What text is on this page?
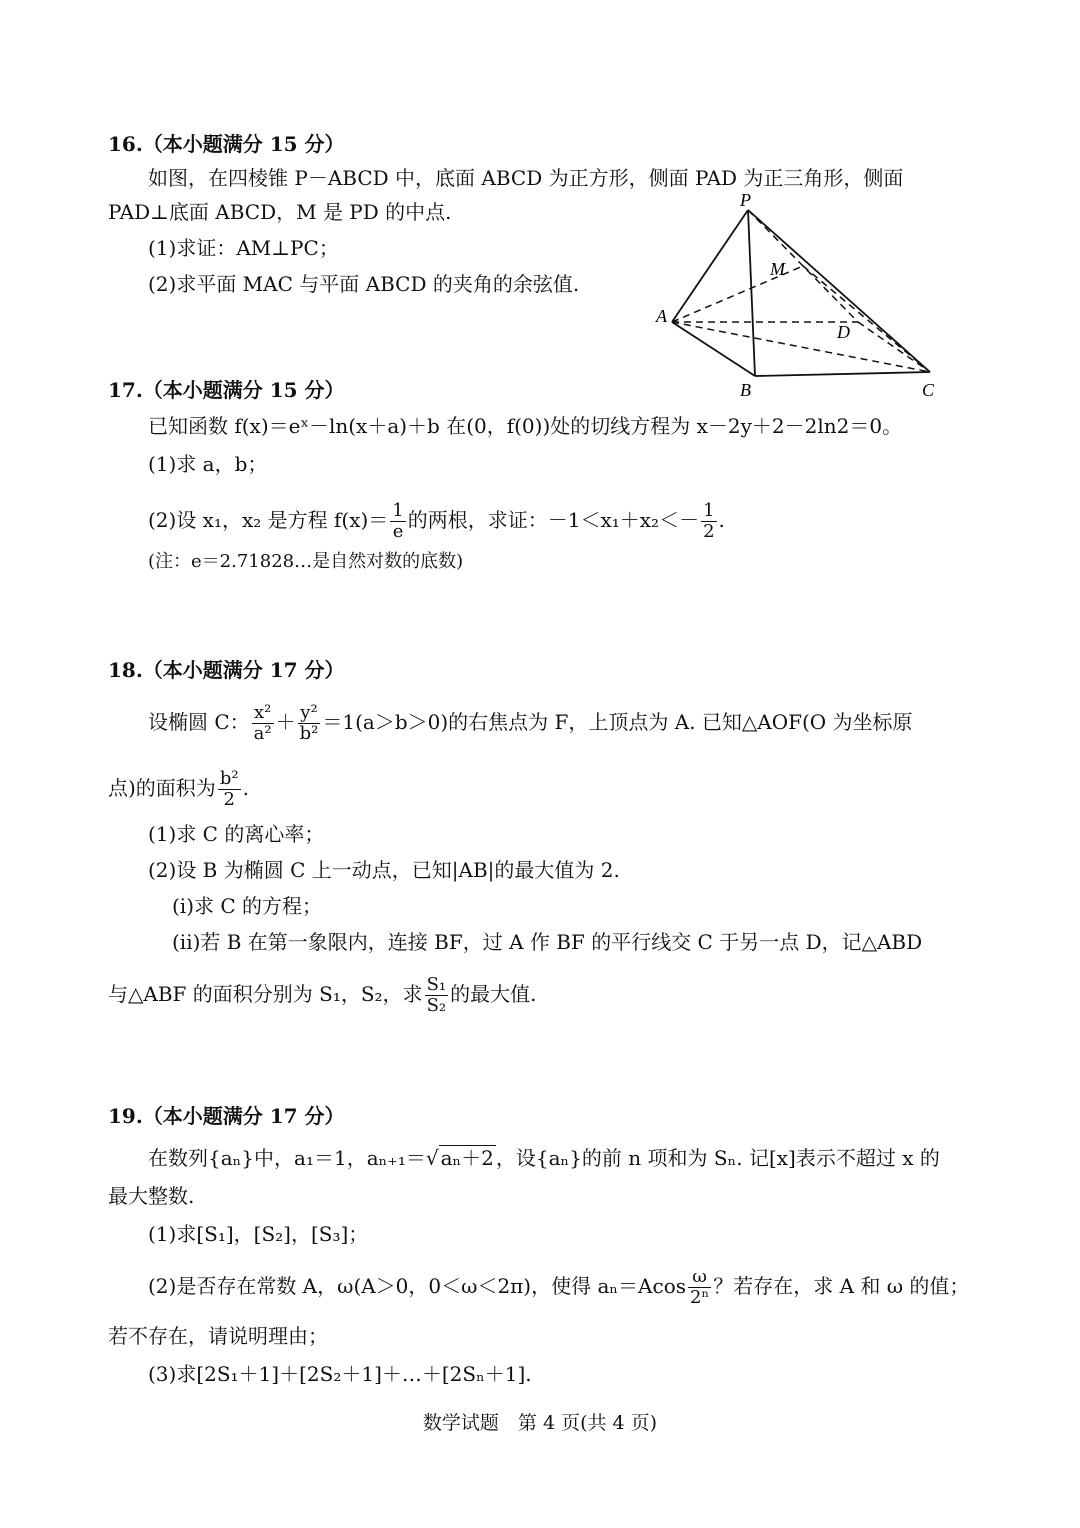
16.（本小题满分 15 分）
如图，在四棱锥 P－ABCD 中，底面 ABCD 为正方形，侧面 PAD 为正三角形，侧面
PAD⊥底面 ABCD，M 是 PD 的中点.
(1)求证：AM⊥PC；
(2)求平面 MAC 与平面 ABCD 的夹角的余弦值.
P
M
A
D
B	C
17.（本小题满分 15 分）
已知函数 f(x)＝eˣ－ln(x＋a)＋b 在(0，f(0))处的切线方程为 x－2y＋2－2ln2＝0。
(1)求 a，b；
(2)设 x₁，x₂ 是方程 $f(x)= \frac{1}{e}$ 的两根，求证：$-1<x_1+x_2<- \frac{1}{2}$ .
(注：e＝2.71828…是自然对数的底数)
18.（本小题满分 17 分）
设椭圆 C： $\frac{\text{x²}}{\text{a²}} + \frac{\text{y²}}{\text{b²}} =1(a>b>0)$的右焦点为 F，上顶点为 A. 已知△AOF(O 为坐标原
点)的面积为 $\frac{\text{b²}}{2}$ .
(1)求 C 的离心率；
(2)设 B 为椭圆 C 上一动点，已知|AB|的最大值为 2.
(i)求 C 的方程；
(ii)若 B 在第一象限内，连接 BF，过 A 作 BF 的平行线交 C 于另一点 D，记△ABD
与△ABF 的面积分别为 S₁，S₂，求 $\frac{\text{S₁}}{\text{S₂}}$ 的最大值.
19.（本小题满分 17 分）
在数列{aₙ}中，a₁＝1，aₙ₊₁＝√ aₙ＋2 ，设{aₙ}的前 n 项和为 Sₙ. 记[x]表示不超过 x 的
最大整数.
(1)求[S₁]，[S₂]，[S₃]；
(2)是否存在常数 A，ω(A＞0，0＜ω＜2π)，使得 $a_n=Acos \frac{\omega}{\text{2ⁿ}}$ ？若存在，求 A 和 ω 的值；
若不存在，请说明理由；
(3)求[2S₁＋1]＋[2S₂＋1]＋…＋[2Sₙ＋1].
数学试题　第 4 页(共 4 页)
